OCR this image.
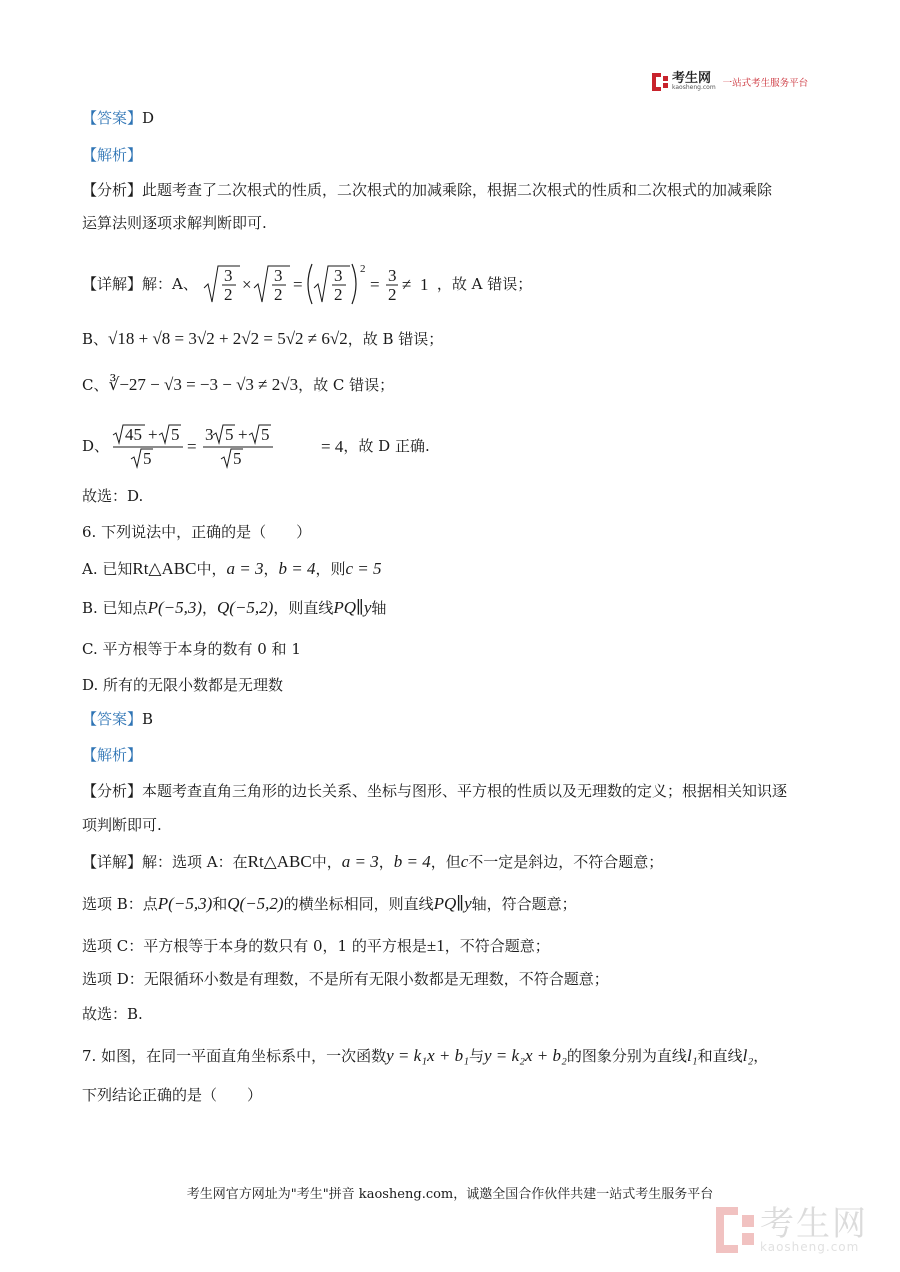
考生网
kaosheng.com 一站式考生服务平台
【答案】D
【解析】
【分析】此题考查了二次根式的性质，二次根式的加减乘除，根据二次根式的性质和二次根式的加减乘除
运算法则逐项求解判断即可.
【详解】 解：A、 3
2
× 3
2
= 3
2
2
= 3
2
≠ 1 ，故 A 错误；
B、√18 + √8 = 3√2 + 2√2 = 5√2 ≠ 6√2，故 B 错误；
C、∛−27 − √3 = −3 − √3 ≠ 2√3，故 C 错误；
D、
45 + 5
5
=
3 5 + 5
5
= 4 ，故 D 正确.
故选：D.
6. 下列说法中，正确的是（　　）
A. 已知Rt△ABC中，a = 3，b = 4，则c = 5
B. 已知点P(−5,3)，Q(−5,2)，则直线PQ∥y轴
C. 平方根等于本身的数有 0 和 1
D. 所有的无限小数都是无理数
【答案】B
【解析】
【分析】本题考查直角三角形的边长关系、坐标与图形、平方根的性质以及无理数的定义；根据相关知识逐
项判断即可.
【详解】解：选项 A：在Rt△ABC中，a = 3，b = 4，但c不一定是斜边，不符合题意；
选项 B：点P(−5,3)和Q(−5,2)的横坐标相同，则直线PQ∥y轴，符合题意；
选项 C：平方根等于本身的数只有 0，1 的平方根是±1，不符合题意；
选项 D：无限循环小数是有理数，不是所有无限小数都是无理数，不符合题意；
故选：B.
7. 如图，在同一平面直角坐标系中，一次函数y = k₁x + b₁与y = k₂x + b₂的图象分别为直线l₁和直线l₂，
下列结论正确的是（　　）
考生网官方网址为"考生"拼音 kaosheng.com，诚邀全国合作伙伴共建一站式考生服务平台
考生网
kaosheng.com
